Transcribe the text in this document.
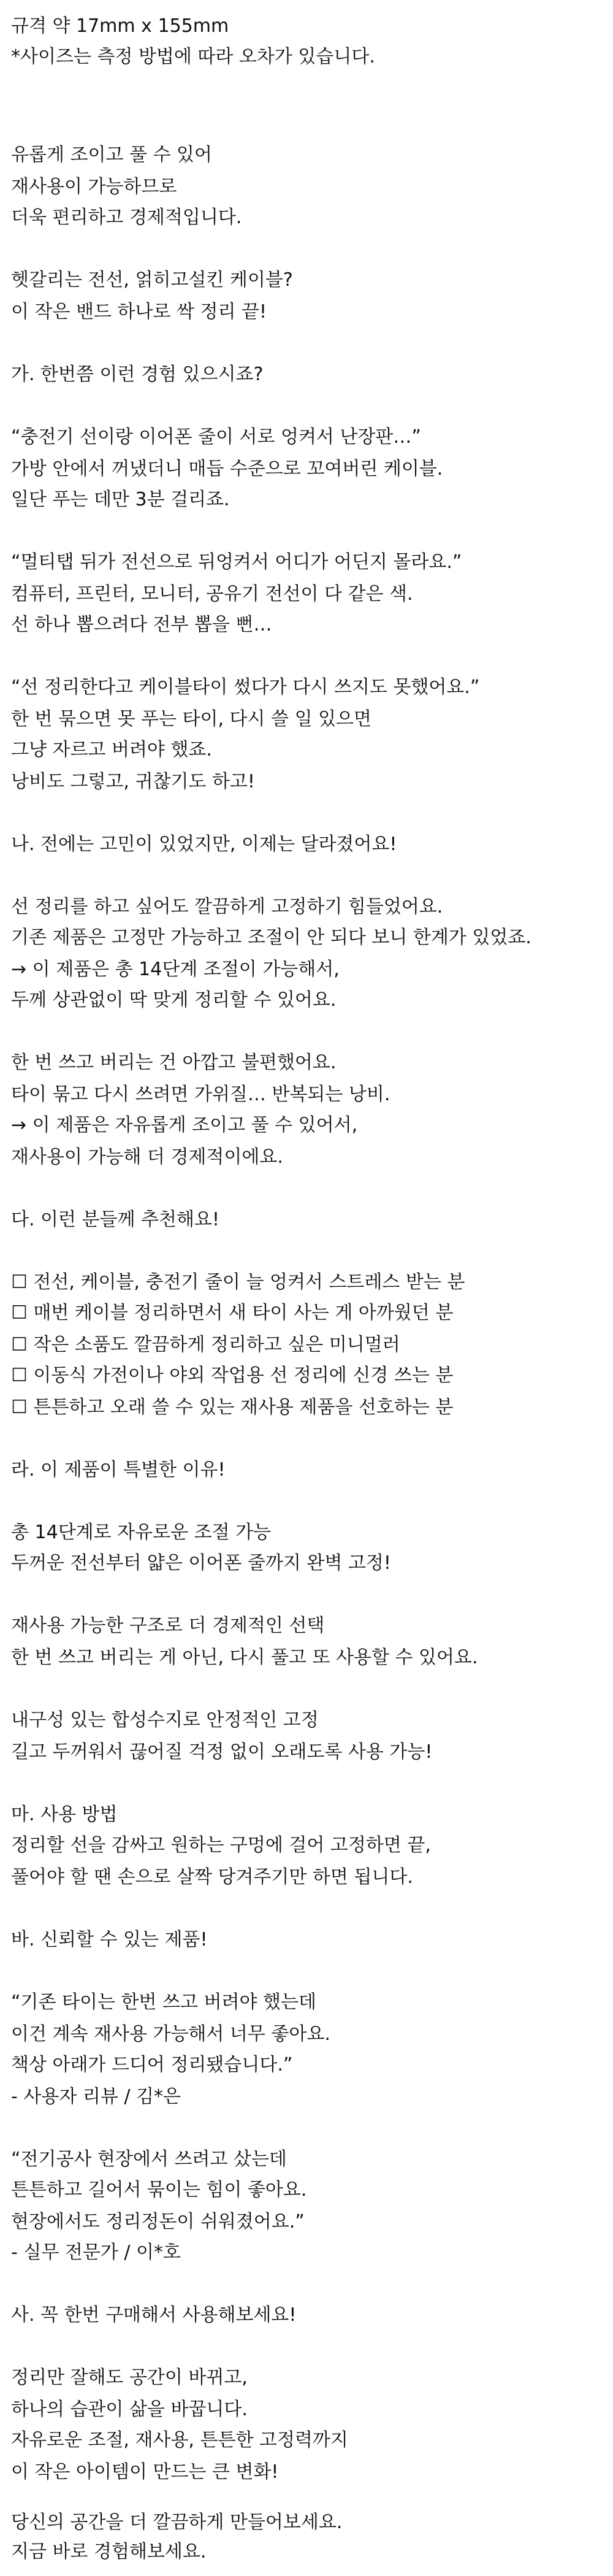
규격 약 17mm x 155mm

*사이즈는 측정 방법에 따라 오차가 있습니다.

유롭게 조이고 풀 수 있어

재사용이 가능하므로

더욱 편리하고 경제적입니다.

헷갈리는 전선, 얽히고설킨 케이블?

이 작은 밴드 하나로 싹 정리 끝!

가. 한번쯤 이런 경험 있으시죠?

“충전기 선이랑 이어폰 줄이 서로 엉켜서 난장판…”

가방 안에서 꺼냈더니 매듭 수준으로 꼬여버린 케이블.

일단 푸는 데만 3분 걸리죠.

“멀티탭 뒤가 전선으로 뒤엉켜서 어디가 어딘지 몰라요.”

컴퓨터, 프린터, 모니터, 공유기 전선이 다 같은 색.

선 하나 뽑으려다 전부 뽑을 뻔…

“선 정리한다고 케이블타이 썼다가 다시 쓰지도 못했어요.”

한 번 묶으면 못 푸는 타이, 다시 쓸 일 있으면

그냥 자르고 버려야 했죠.

낭비도 그렇고, 귀찮기도 하고!

나. 전에는 고민이 있었지만, 이제는 달라졌어요!

선 정리를 하고 싶어도 깔끔하게 고정하기 힘들었어요.

기존 제품은 고정만 가능하고 조절이 안 되다 보니 한계가 있었죠.

→ 이 제품은 총 14단계 조절이 가능해서,

두께 상관없이 딱 맞게 정리할 수 있어요.

한 번 쓰고 버리는 건 아깝고 불편했어요.

타이 묶고 다시 쓰려면 가위질… 반복되는 낭비.

→ 이 제품은 자유롭게 조이고 풀 수 있어서,

재사용이 가능해 더 경제적이에요.

다. 이런 분들께 추천해요!

☐ 전선, 케이블, 충전기 줄이 늘 엉켜서 스트레스 받는 분

☐ 매번 케이블 정리하면서 새 타이 사는 게 아까웠던 분

☐ 작은 소품도 깔끔하게 정리하고 싶은 미니멀러

☐ 이동식 가전이나 야외 작업용 선 정리에 신경 쓰는 분

☐ 튼튼하고 오래 쓸 수 있는 재사용 제품을 선호하는 분

라. 이 제품이 특별한 이유!

총 14단계로 자유로운 조절 가능

두꺼운 전선부터 얇은 이어폰 줄까지 완벽 고정!

재사용 가능한 구조로 더 경제적인 선택

한 번 쓰고 버리는 게 아닌, 다시 풀고 또 사용할 수 있어요.

내구성 있는 합성수지로 안정적인 고정

길고 두꺼워서 끊어질 걱정 없이 오래도록 사용 가능!

마. 사용 방법

정리할 선을 감싸고 원하는 구멍에 걸어 고정하면 끝,

풀어야 할 땐 손으로 살짝 당겨주기만 하면 됩니다.

바. 신뢰할 수 있는 제품!

“기존 타이는 한번 쓰고 버려야 했는데

이건 계속 재사용 가능해서 너무 좋아요.

책상 아래가 드디어 정리됐습니다.”

- 사용자 리뷰 / 김*은

“전기공사 현장에서 쓰려고 샀는데

튼튼하고 길어서 묶이는 힘이 좋아요.

현장에서도 정리정돈이 쉬워졌어요.”

- 실무 전문가 / 이*호

사. 꼭 한번 구매해서 사용해보세요!

정리만 잘해도 공간이 바뀌고,

하나의 습관이 삶을 바꿉니다.

자유로운 조절, 재사용, 튼튼한 고정력까지

이 작은 아이템이 만드는 큰 변화!

당신의 공간을 더 깔끔하게 만들어보세요.

지금 바로 경험해보세요.
